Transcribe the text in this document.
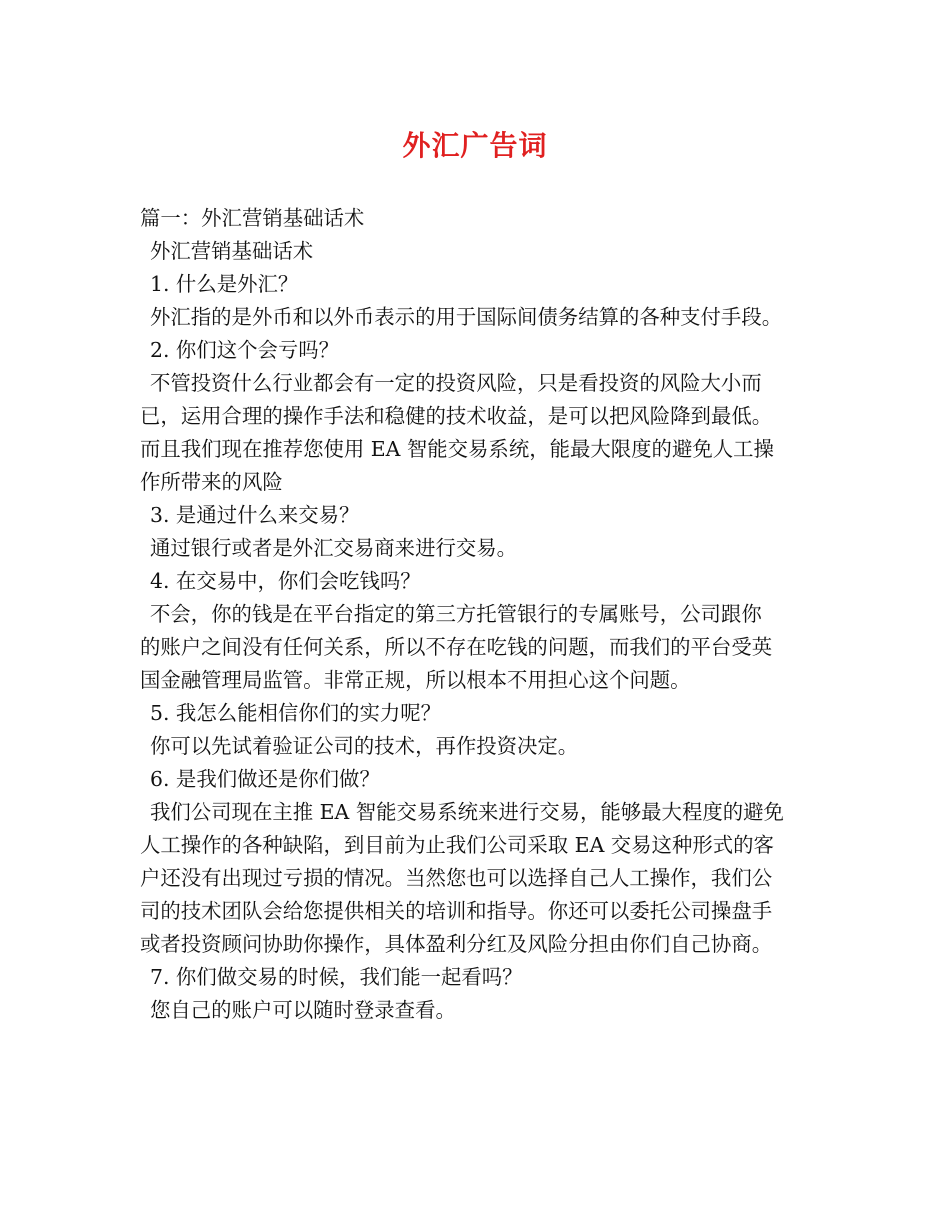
外汇广告词
篇一：外汇营销基础话术
外汇营销基础话术
1. 什么是外汇？
外汇指的是外币和以外币表示的用于国际间债务结算的各种支付手段。
2. 你们这个会亏吗？
不管投资什么行业都会有一定的投资风险，只是看投资的风险大小而
已，运用合理的操作手法和稳健的技术收益，是可以把风险降到最低。
而且我们现在推荐您使用 EA 智能交易系统，能最大限度的避免人工操
作所带来的风险
3. 是通过什么来交易？
通过银行或者是外汇交易商来进行交易。
4. 在交易中，你们会吃钱吗？
不会，你的钱是在平台指定的第三方托管银行的专属账号，公司跟你
的账户之间没有任何关系，所以不存在吃钱的问题，而我们的平台受英
国金融管理局监管。非常正规，所以根本不用担心这个问题。
5. 我怎么能相信你们的实力呢？
你可以先试着验证公司的技术，再作投资决定。
6. 是我们做还是你们做？
我们公司现在主推 EA 智能交易系统来进行交易，能够最大程度的避免
人工操作的各种缺陷，到目前为止我们公司采取 EA 交易这种形式的客
户还没有出现过亏损的情况。当然您也可以选择自己人工操作，我们公
司的技术团队会给您提供相关的培训和指导。你还可以委托公司操盘手
或者投资顾问协助你操作，具体盈利分红及风险分担由你们自己协商。
7. 你们做交易的时候，我们能一起看吗？
您自己的账户可以随时登录查看。
